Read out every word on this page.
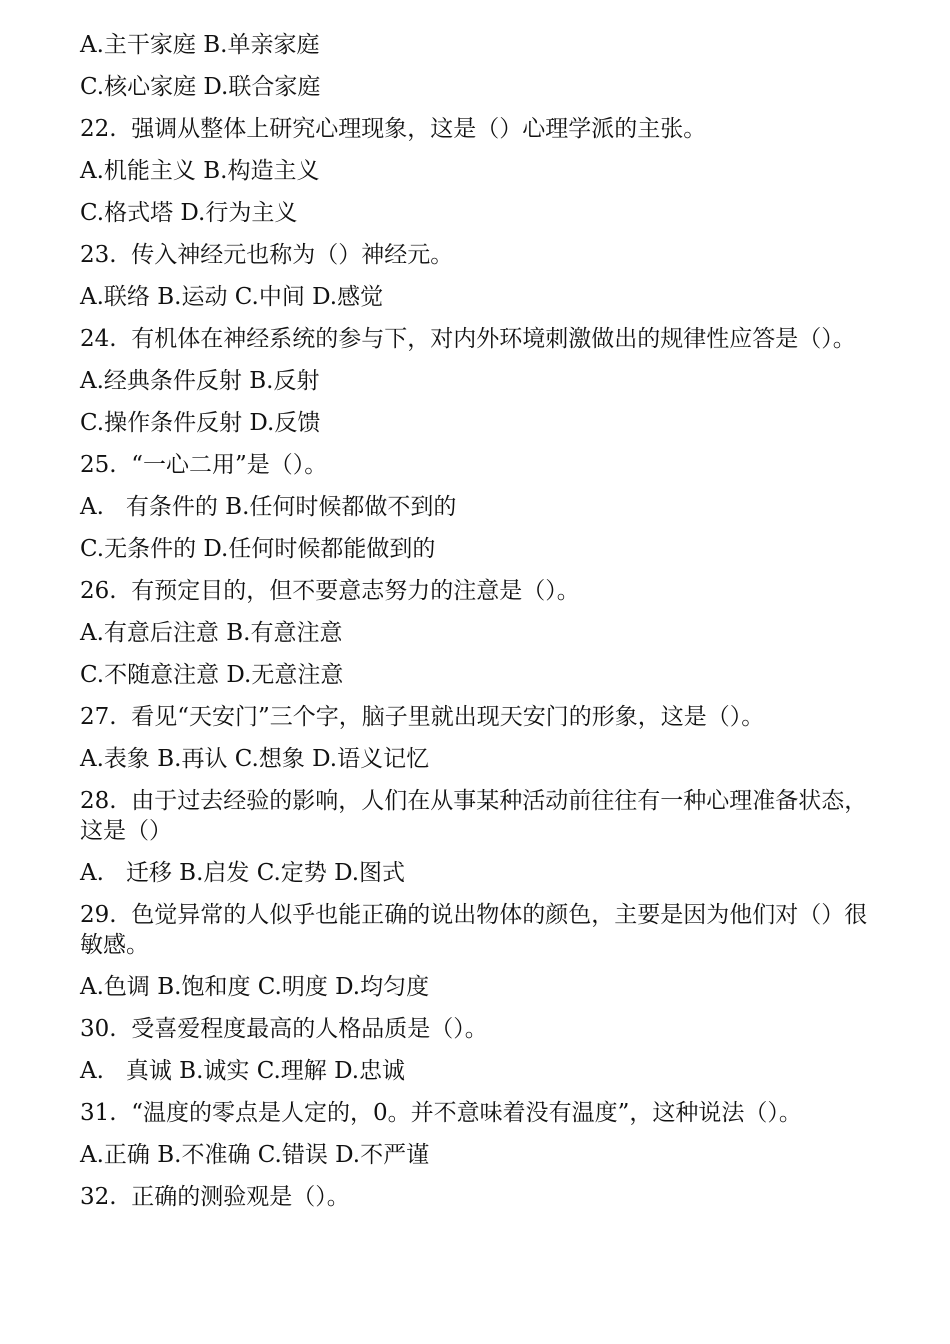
A.主干家庭 B.单亲家庭
C.核心家庭 D.联合家庭
22.  强调从整体上研究心理现象，这是（）心理学派的主张。
A.机能主义 B.构造主义
C.格式塔 D.行为主义
23.  传入神经元也称为（）神经元。
A.联络 B.运动 C.中间 D.感觉
24.  有机体在神经系统的参与下，对内外环境刺激做出的规律性应答是（）。
A.经典条件反射 B.反射
C.操作条件反射 D.反馈
25.  “一心二用”是（）。
A.   有条件的 B.任何时候都做不到的
C.无条件的 D.任何时候都能做到的
26.  有预定目的，但不要意志努力的注意是（）。
A.有意后注意 B.有意注意
C.不随意注意 D.无意注意
27.  看见“天安门”三个字，脑子里就出现天安门的形象，这是（）。
A.表象 B.再认 C.想象 D.语义记忆
28.  由于过去经验的影响，人们在从事某种活动前往往有一种心理准备状态，这是（）
A.   迁移 B.启发 C.定势 D.图式
29.  色觉异常的人似乎也能正确的说出物体的颜色，主要是因为他们对（）很敏感。
A.色调 B.饱和度 C.明度 D.均匀度
30.  受喜爱程度最高的人格品质是（）。
A.   真诚 B.诚实 C.理解 D.忠诚
31.  “温度的零点是人定的，0。并不意味着没有温度”，这种说法（）。
A.正确 B.不准确 C.错误 D.不严谨
32.  正确的测验观是（）。
